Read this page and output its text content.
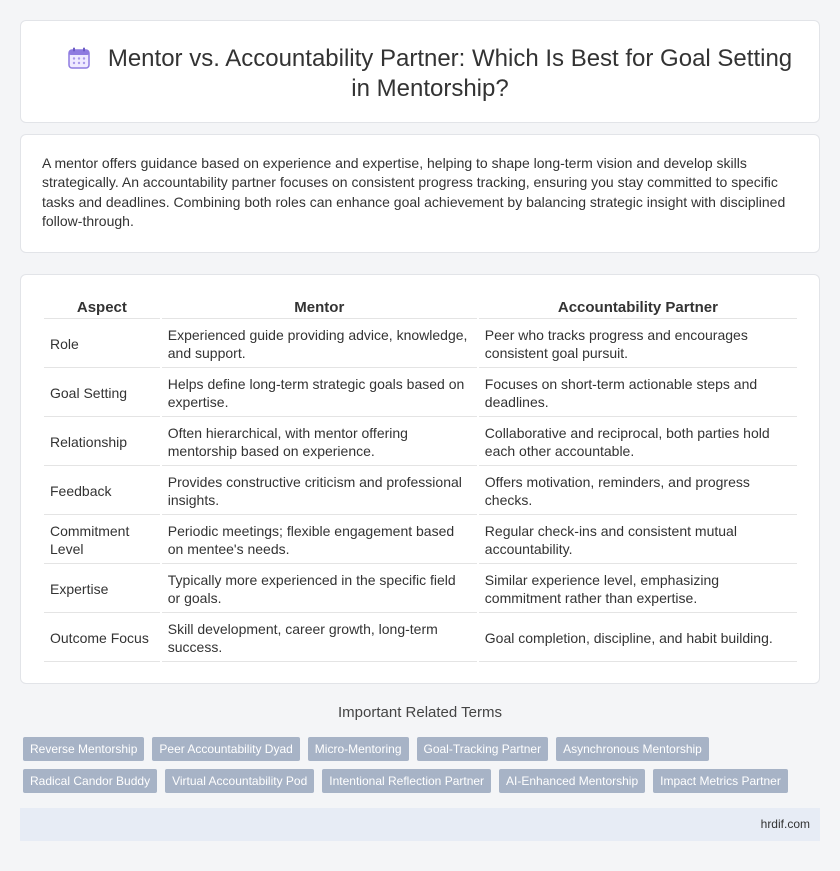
Mentor vs. Accountability Partner: Which Is Best for Goal Setting in Mentorship?

A mentor offers guidance based on experience and expertise, helping to shape long-term vision and develop skills strategically. An accountability partner focuses on consistent progress tracking, ensuring you stay committed to specific tasks and deadlines. Combining both roles can enhance goal achievement by balancing strategic insight with disciplined follow-through.

Aspect	Mentor	Accountability Partner
Role	Experienced guide providing advice, knowledge, and support.	Peer who tracks progress and encourages consistent goal pursuit.
Goal Setting	Helps define long-term strategic goals based on expertise.	Focuses on short-term actionable steps and deadlines.
Relationship	Often hierarchical, with mentor offering mentorship based on experience.	Collaborative and reciprocal, both parties hold each other accountable.
Feedback	Provides constructive criticism and professional insights.	Offers motivation, reminders, and progress checks.
Commitment Level	Periodic meetings; flexible engagement based on mentee's needs.	Regular check-ins and consistent mutual accountability.
Expertise	Typically more experienced in the specific field or goals.	Similar experience level, emphasizing commitment rather than expertise.
Outcome Focus	Skill development, career growth, long-term success.	Goal completion, discipline, and habit building.
Important Related Terms
Reverse Mentorship	Peer Accountability Dyad	Micro-Mentoring	Goal-Tracking Partner	Asynchronous Mentorship
Radical Candor Buddy	Virtual Accountability Pod	Intentional Reflection Partner	AI-Enhanced Mentorship	Impact Metrics Partner
hrdif.com
